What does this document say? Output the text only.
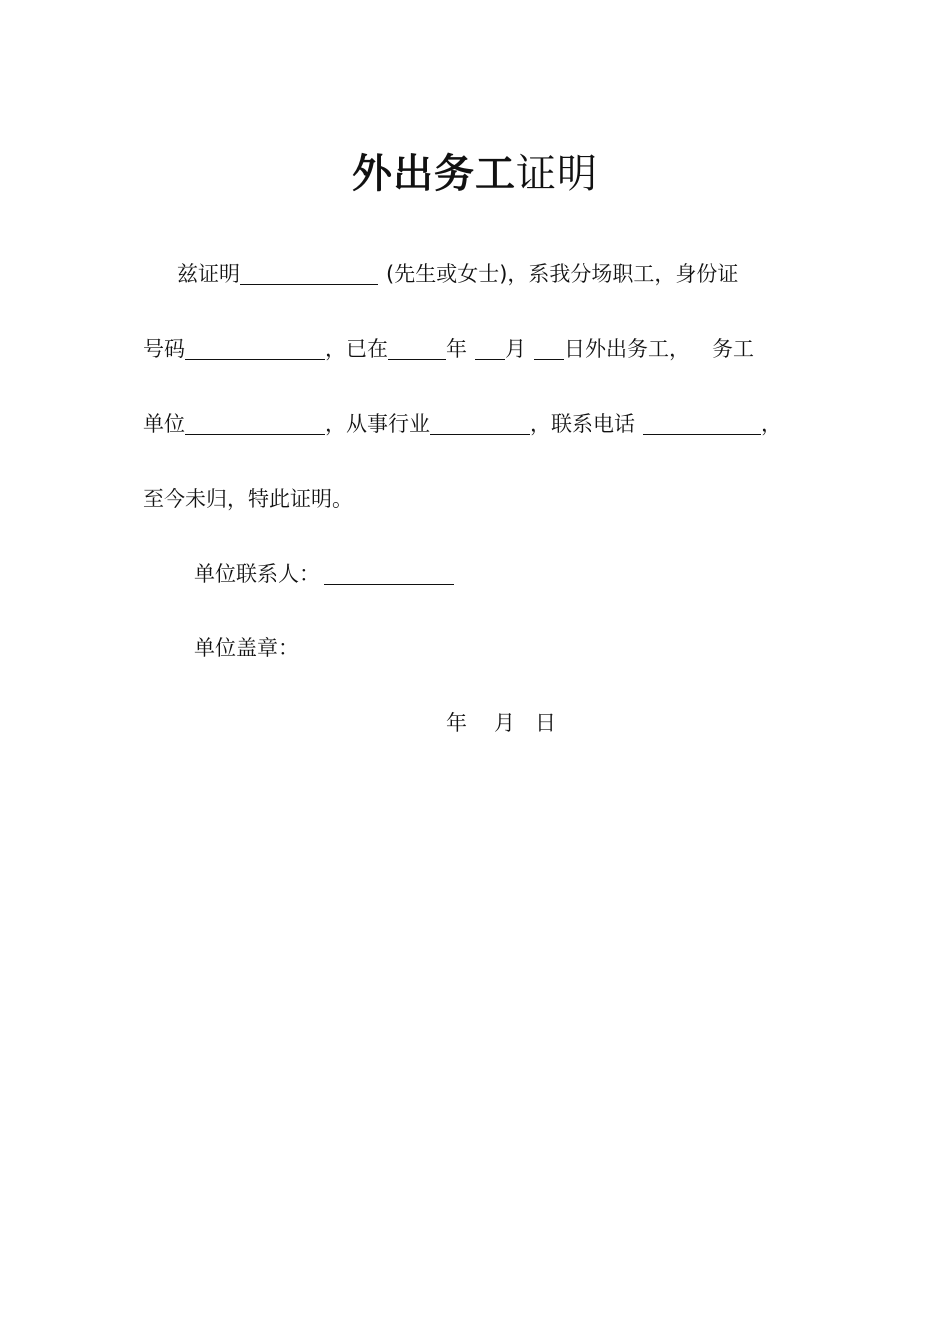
外出务工证明
兹证明	(先生或女士)，系我分场职工，身份证
号码	，已在	年 月 日外出务工， 务工
单位	，从事行业	，联系电话	，
至今未归，特此证明。
单位联系人：
单位盖章：
年 月 日
